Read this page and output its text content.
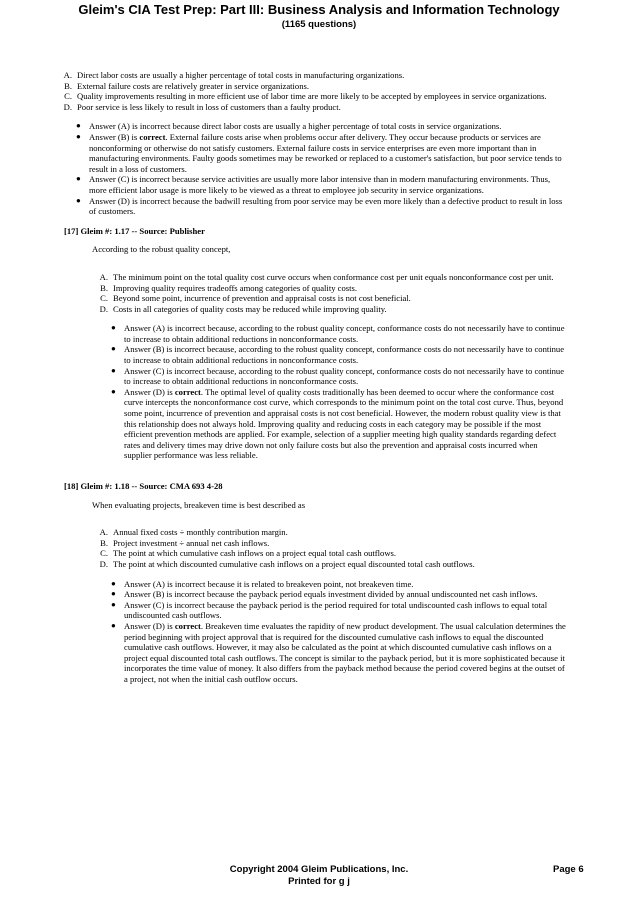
Gleim's CIA Test Prep: Part III: Business Analysis and Information Technology
(1165 questions)
A. Direct labor costs are usually a higher percentage of total costs in manufacturing organizations.
B. External failure costs are relatively greater in service organizations.
C. Quality improvements resulting in more efficient use of labor time are more likely to be accepted by employees in service organizations.
D. Poor service is less likely to result in loss of customers than a faulty product.
● Answer (A) is incorrect because direct labor costs are usually a higher percentage of total costs in service organizations.
● Answer (B) is correct. External failure costs arise when problems occur after delivery. They occur because products or services are nonconforming or otherwise do not satisfy customers. External failure costs in service enterprises are even more important than in manufacturing environments. Faulty goods sometimes may be reworked or replaced to a customer's satisfaction, but poor service tends to result in a loss of customers.
● Answer (C) is incorrect because service activities are usually more labor intensive than in modern manufacturing environments. Thus, more efficient labor usage is more likely to be viewed as a threat to employee job security in service organizations.
● Answer (D) is incorrect because the badwill resulting from poor service may be even more likely than a defective product to result in loss of customers.
[17] Gleim #: 1.17 -- Source: Publisher
According to the robust quality concept,
A. The minimum point on the total quality cost curve occurs when conformance cost per unit equals nonconformance cost per unit.
B. Improving quality requires tradeoffs among categories of quality costs.
C. Beyond some point, incurrence of prevention and appraisal costs is not cost beneficial.
D. Costs in all categories of quality costs may be reduced while improving quality.
● Answer (A) is incorrect because, according to the robust quality concept, conformance costs do not necessarily have to continue to increase to obtain additional reductions in nonconformance costs.
● Answer (B) is incorrect because, according to the robust quality concept, conformance costs do not necessarily have to continue to increase to obtain additional reductions in nonconformance costs.
● Answer (C) is incorrect because, according to the robust quality concept, conformance costs do not necessarily have to continue to increase to obtain additional reductions in nonconformance costs.
● Answer (D) is correct. The optimal level of quality costs traditionally has been deemed to occur where the conformance cost curve intercepts the nonconformance cost curve, which corresponds to the minimum point on the total cost curve. Thus, beyond some point, incurrence of prevention and appraisal costs is not cost beneficial. However, the modern robust quality view is that this relationship does not always hold. Improving quality and reducing costs in each category may be possible if the most efficient prevention methods are applied. For example, selection of a supplier meeting high quality standards regarding defect rates and delivery times may drive down not only failure costs but also the prevention and appraisal costs incurred when supplier performance was less reliable.
[18] Gleim #: 1.18 -- Source: CMA 693 4-28
When evaluating projects, breakeven time is best described as
A. Annual fixed costs ÷ monthly contribution margin.
B. Project investment ÷ annual net cash inflows.
C. The point at which cumulative cash inflows on a project equal total cash outflows.
D. The point at which discounted cumulative cash inflows on a project equal discounted total cash outflows.
● Answer (A) is incorrect because it is related to breakeven point, not breakeven time.
● Answer (B) is incorrect because the payback period equals investment divided by annual undiscounted net cash inflows.
● Answer (C) is incorrect because the payback period is the period required for total undiscounted cash inflows to equal total undiscounted cash outflows.
● Answer (D) is correct. Breakeven time evaluates the rapidity of new product development. The usual calculation determines the period beginning with project approval that is required for the discounted cumulative cash inflows to equal the discounted cumulative cash outflows. However, it may also be calculated as the point at which discounted cumulative cash inflows on a project equal discounted total cash outflows. The concept is similar to the payback period, but it is more sophisticated because it incorporates the time value of money. It also differs from the payback method because the period covered begins at the outset of a project, not when the initial cash outflow occurs.
Copyright 2004 Gleim Publications, Inc.
Printed for g j
Page 6
